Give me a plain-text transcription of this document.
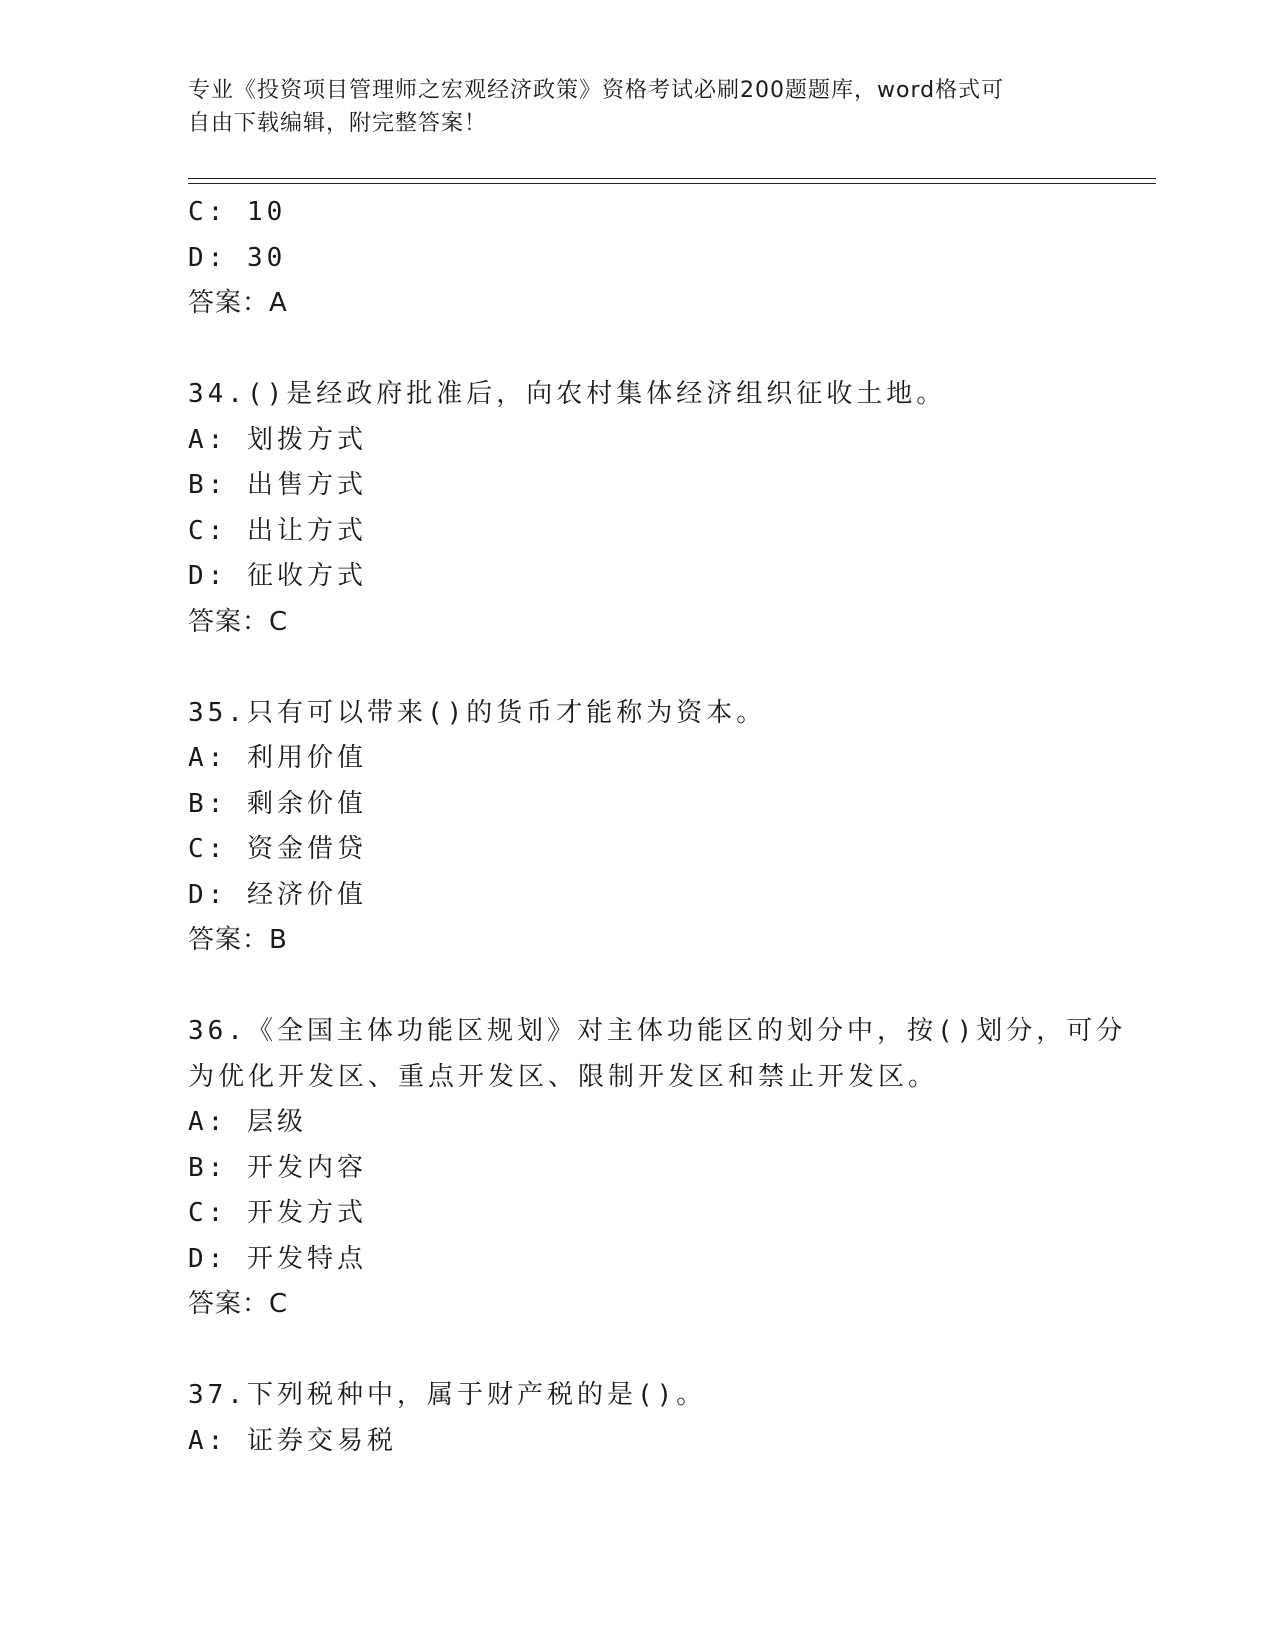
专业《投资项目管理师之宏观经济政策》资格考试必刷200题题库，word格式可
自由下载编辑，附完整答案！
C: 10
D: 30
答案：A
34.()是经政府批准后，向农村集体经济组织征收土地。
A: 划拨方式
B: 出售方式
C: 出让方式
D: 征收方式
答案：C
35.只有可以带来()的货币才能称为资本。
A: 利用价值
B: 剩余价值
C: 资金借贷
D: 经济价值
答案：B
36.《全国主体功能区规划》对主体功能区的划分中，按()划分，可分
为优化开发区、重点开发区、限制开发区和禁止开发区。
A: 层级
B: 开发内容
C: 开发方式
D: 开发特点
答案：C
37.下列税种中，属于财产税的是()。
A: 证券交易税
